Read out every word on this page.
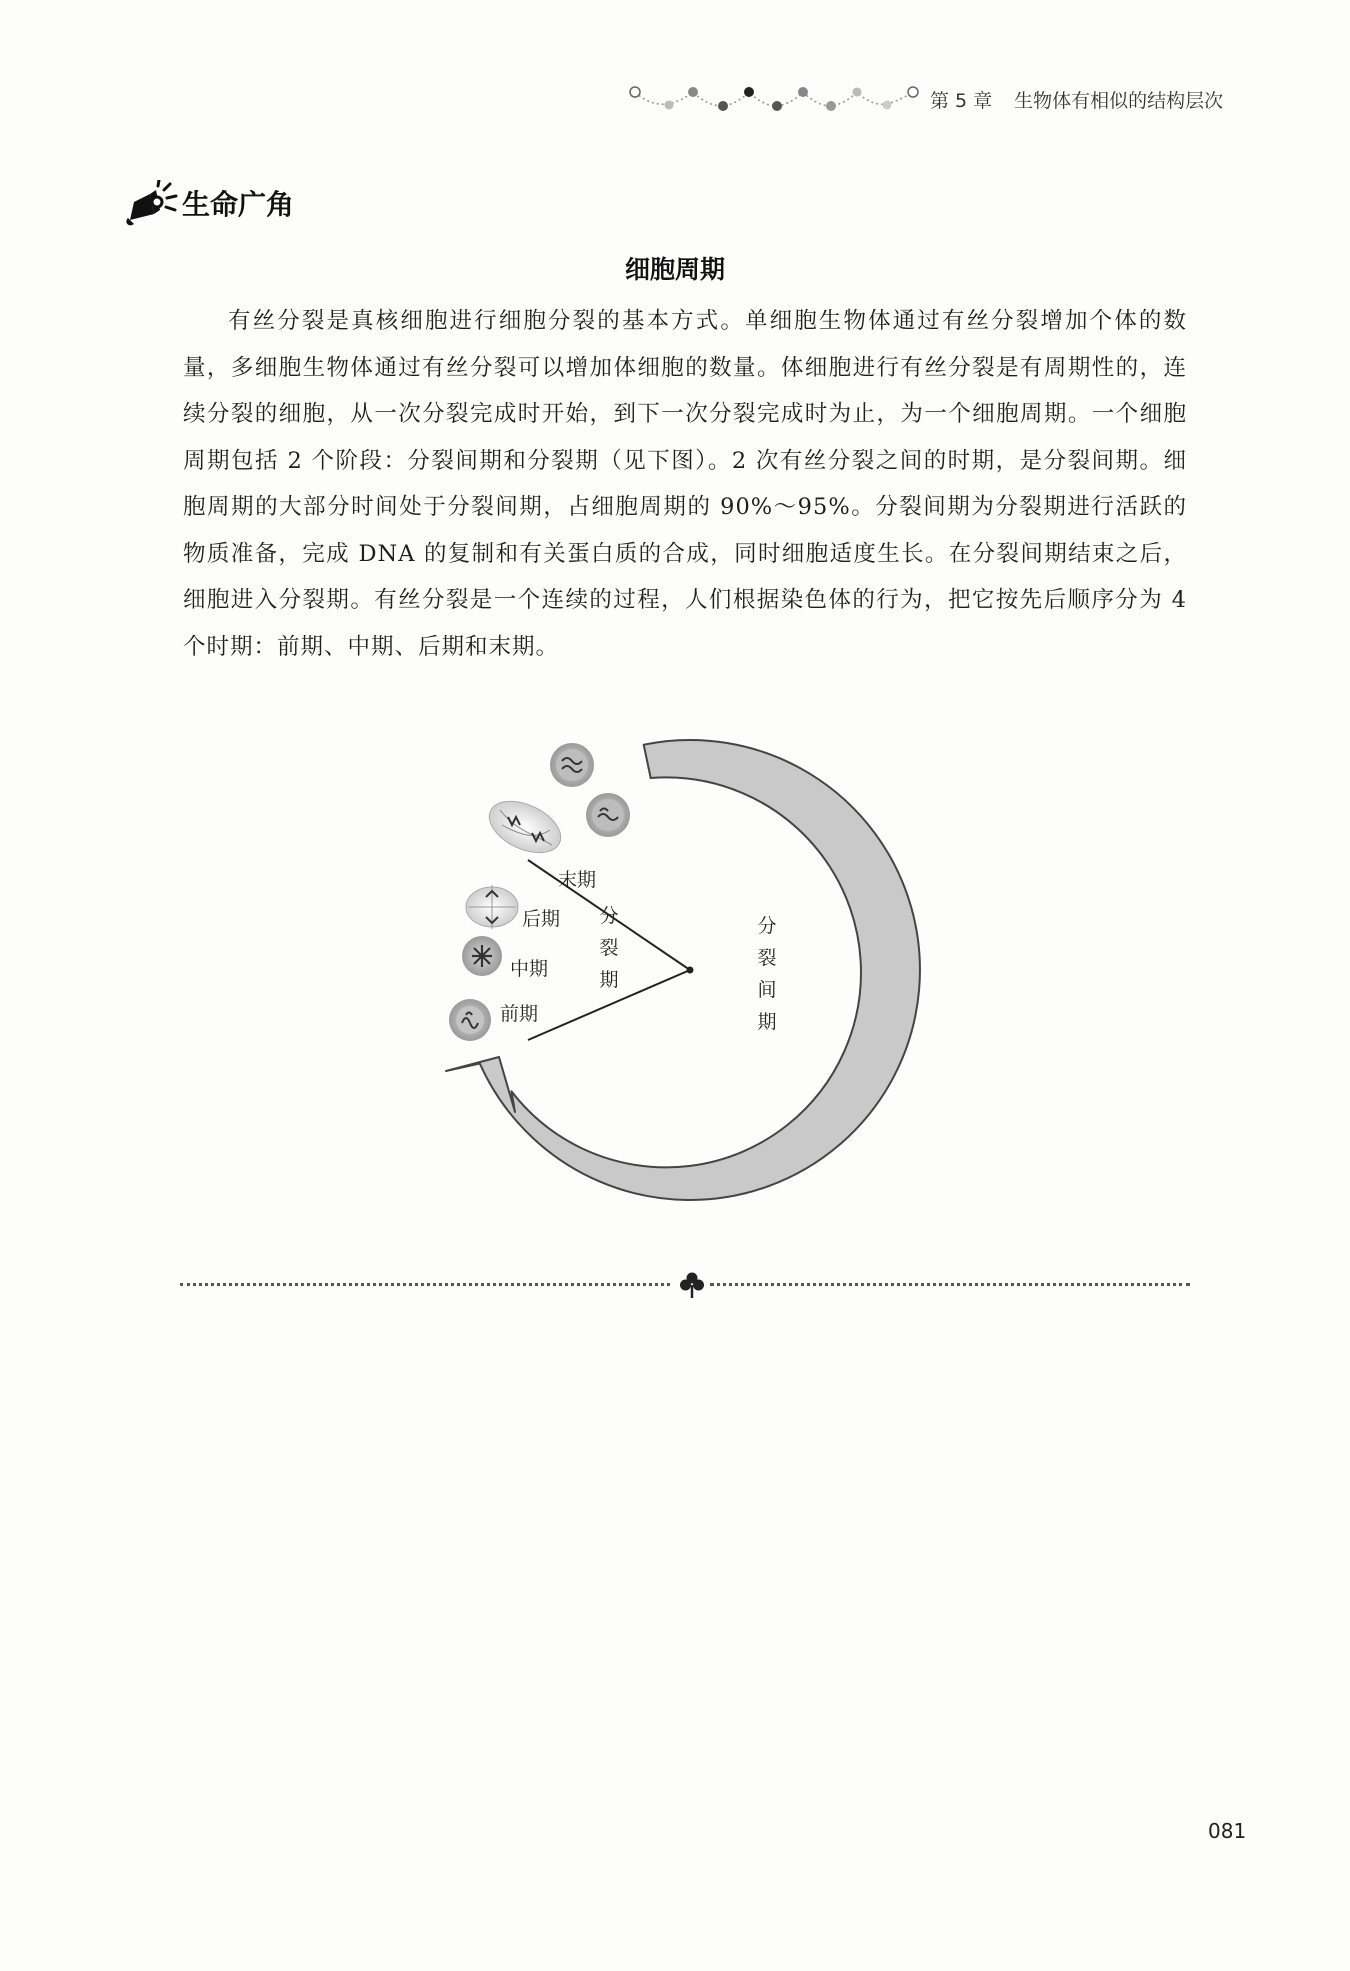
第 5 章 生物体有相似的结构层次
生命广角
细胞周期
有丝分裂是真核细胞进行细胞分裂的基本方式。单细胞生物体通过有丝分裂增加个体的数量，多细胞生物体通过有丝分裂可以增加体细胞的数量。体细胞进行有丝分裂是有周期性的，连续分裂的细胞，从一次分裂完成时开始，到下一次分裂完成时为止，为一个细胞周期。一个细胞周期包括 2 个阶段：分裂间期和分裂期（见下图）。2 次有丝分裂之间的时期，是分裂间期。细胞周期的大部分时间处于分裂间期，占细胞周期的 90%～95%。分裂间期为分裂期进行活跃的物质准备，完成 DNA 的复制和有关蛋白质的合成，同时细胞适度生长。在分裂间期结束之后，细胞进入分裂期。有丝分裂是一个连续的过程，人们根据染色体的行为，把它按先后顺序分为 4 个时期：前期、中期、后期和末期。
末期
后期
中期
前期
分裂期
分裂间期
081
